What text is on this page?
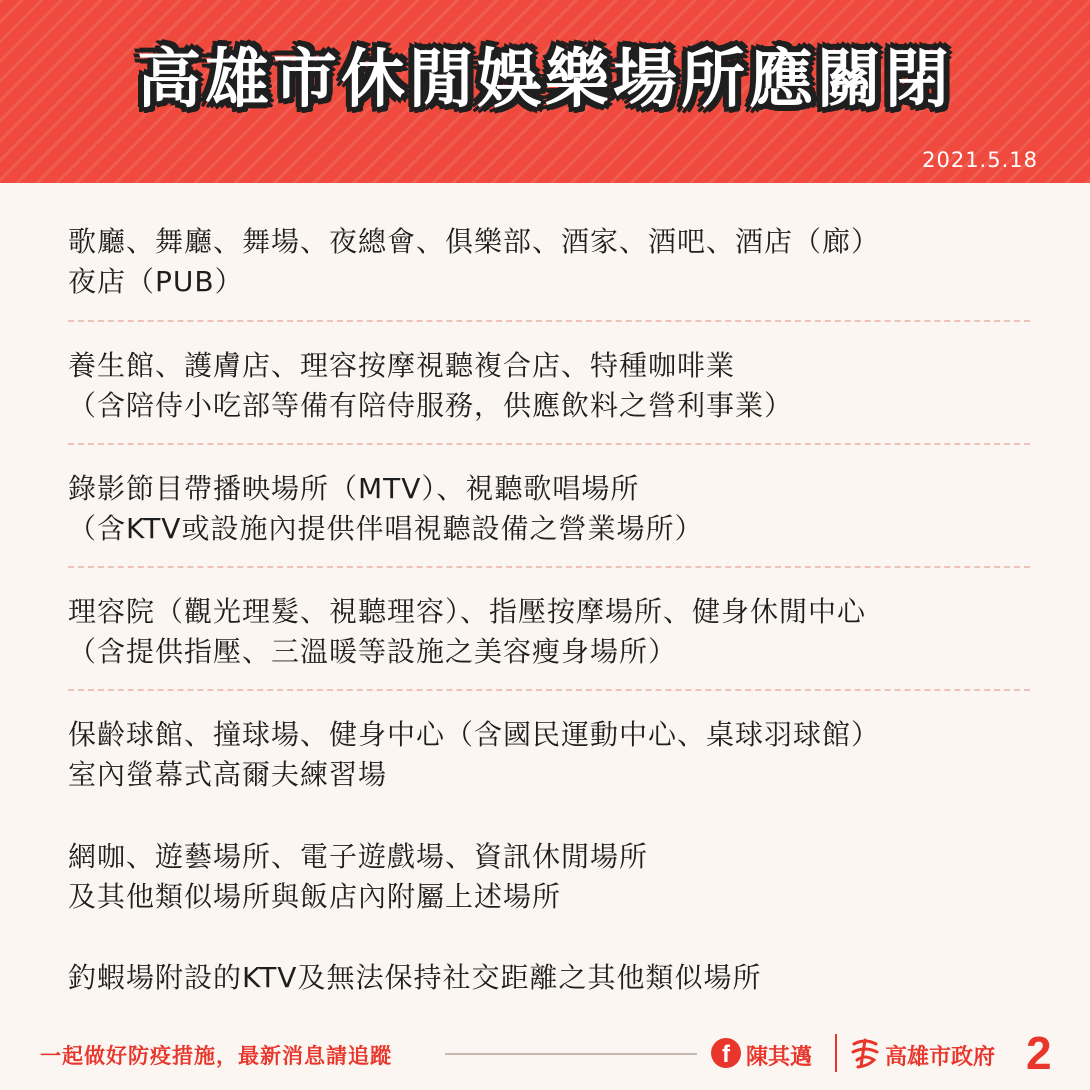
高雄市休閒娛樂場所應關閉
2021.5.18
歌廳、舞廳、舞場、夜總會、俱樂部、酒家、酒吧、酒店（廊）
夜店（PUB）
養生館、護膚店、理容按摩視聽複合店、特種咖啡業
（含陪侍小吃部等備有陪侍服務，供應飲料之營利事業）
錄影節目帶播映場所（MTV）、視聽歌唱場所
（含KTV或設施內提供伴唱視聽設備之營業場所）
理容院（觀光理髮、視聽理容）、指壓按摩場所、健身休閒中心
（含提供指壓、三溫暖等設施之美容瘦身場所）
保齡球館、撞球場、健身中心（含國民運動中心、桌球羽球館）
室內螢幕式高爾夫練習場
網咖、遊藝場所、電子遊戲場、資訊休閒場所
及其他類似場所與飯店內附屬上述場所
釣蝦場附設的KTV及無法保持社交距離之其他類似場所
一起做好防疫措施，最新消息請追蹤	f 陳其邁	高雄市政府 2
